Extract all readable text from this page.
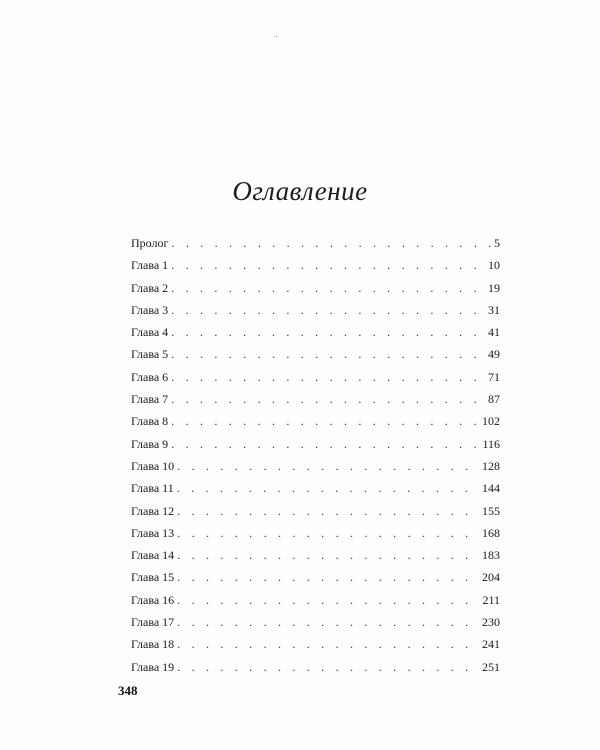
Оглавление
Пролог . . .	5
Глава 1 . . .	10
Глава 2 . . .	19
Глава 3 . . .	31
Глава 4 . . .	41
Глава 5 . . .	49
Глава 6 . . .	71
Глава 7 . . .	87
Глава 8 . . .	102
Глава 9 . . .	116
Глава 10 . . .	128
Глава 11 . . .	144
Глава 12 . . .	155
Глава 13 . . .	168
Глава 14 . . .	183
Глава 15 . . .	204
Глава 16 . . .	211
Глава 17 . . .	230
Глава 18 . . .	241
Глава 19 . . .	251
348
